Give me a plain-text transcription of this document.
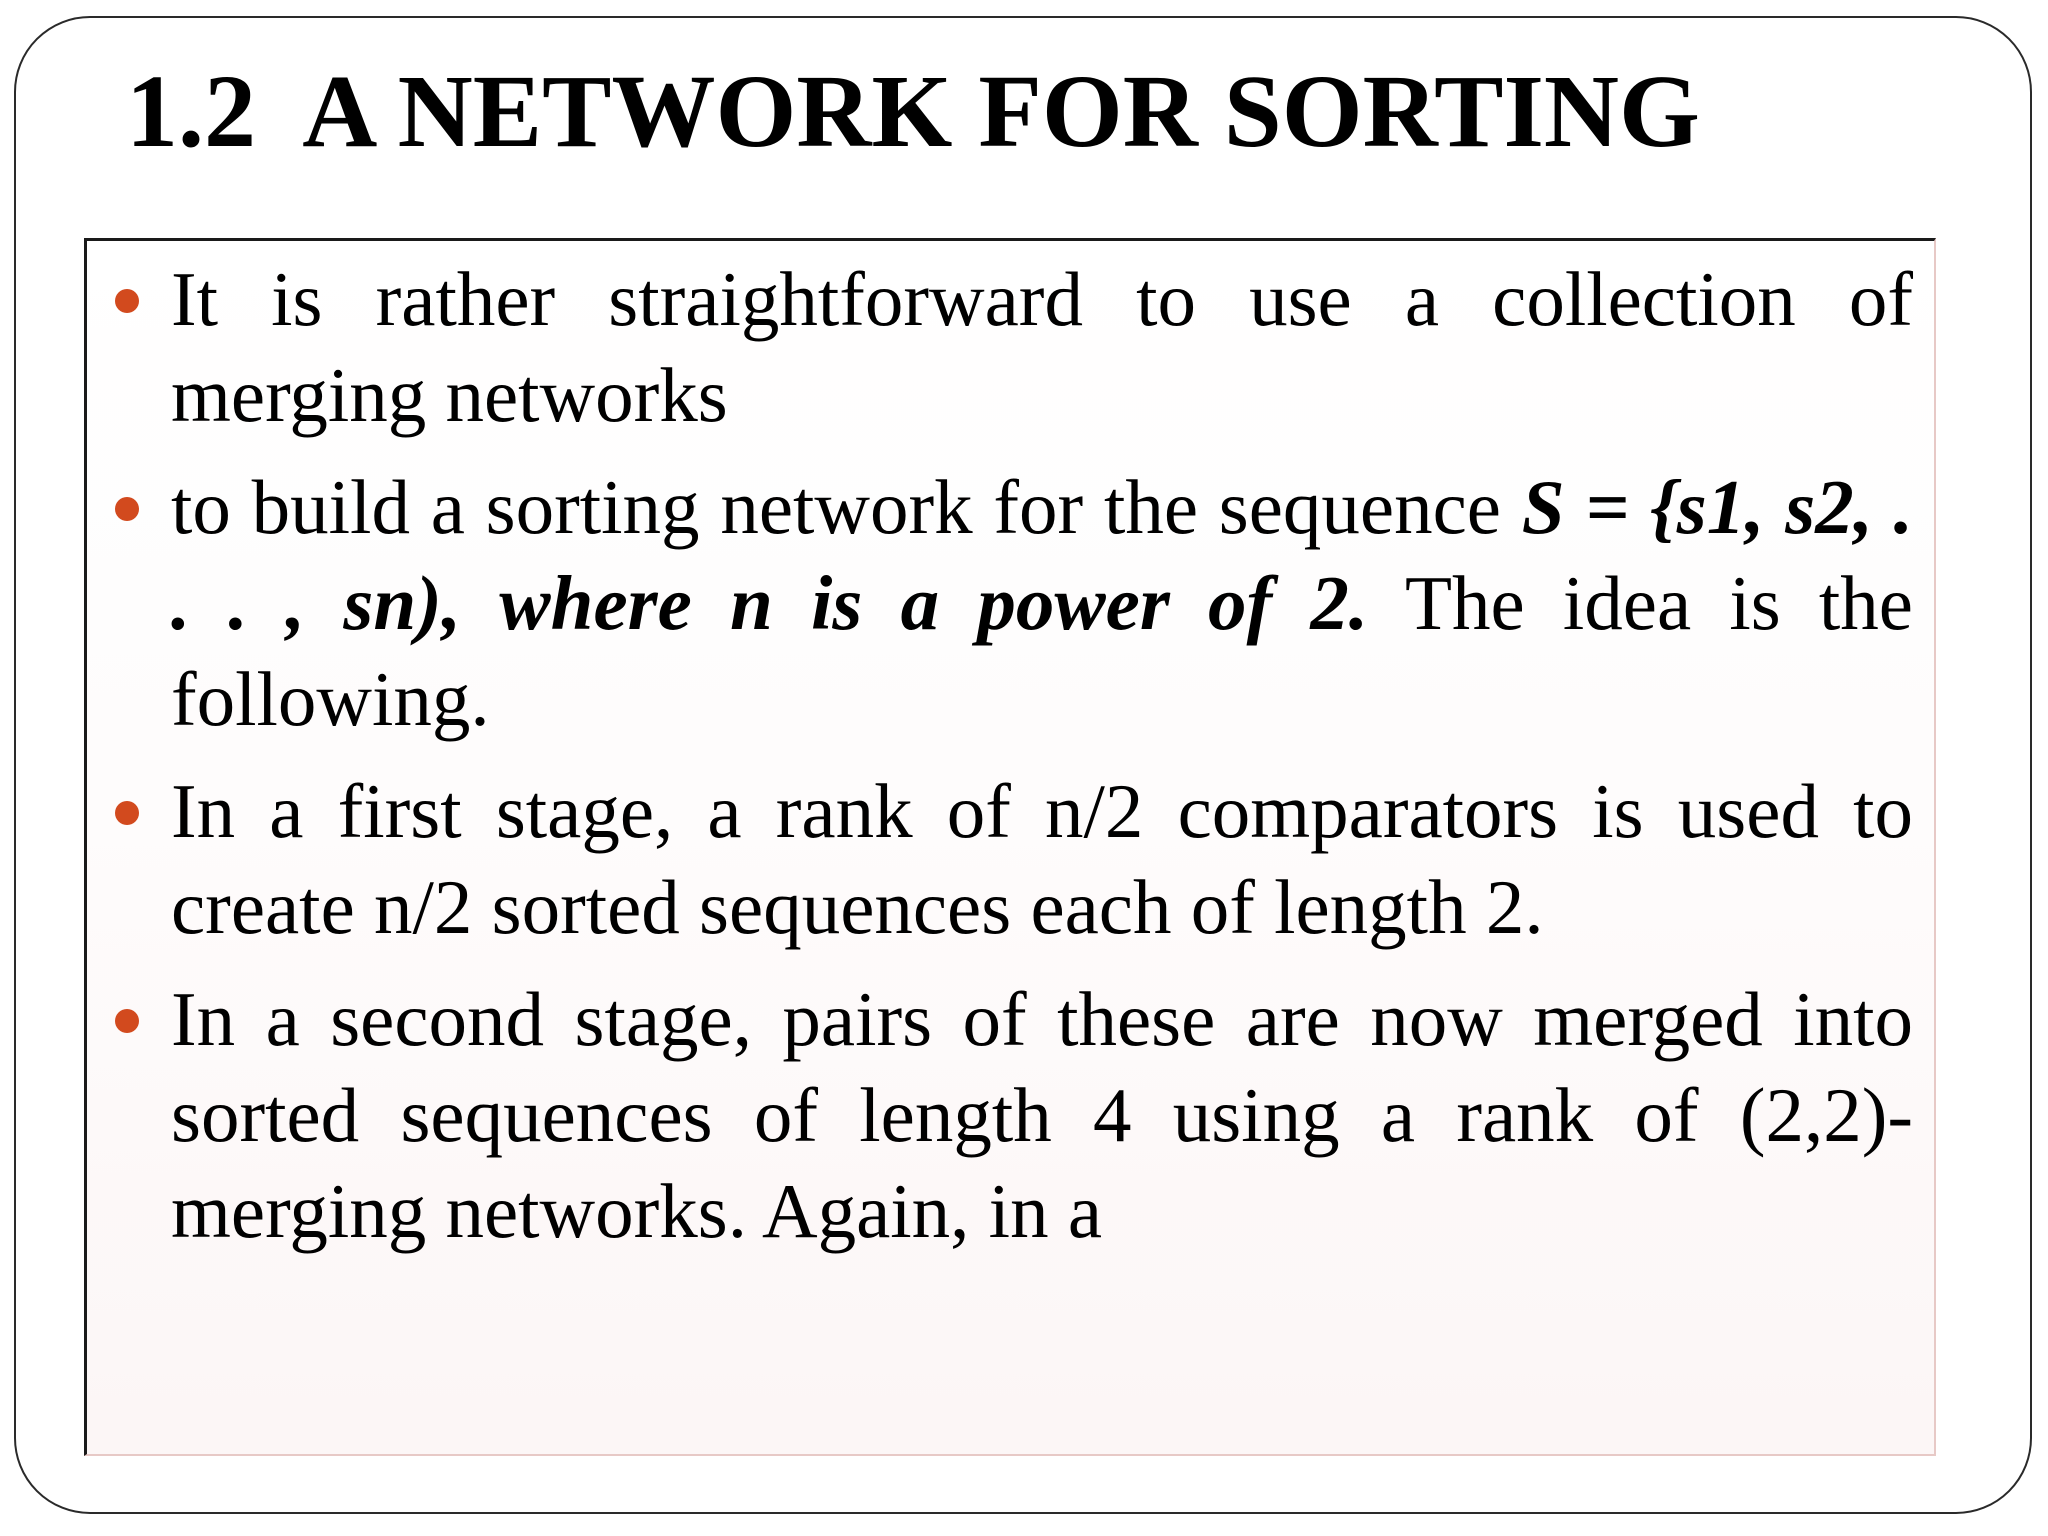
1.2  A NETWORK FOR SORTING
It is rather straightforward to use a collection of merging networks
to build a sorting network for the sequence S = {s1, s2, . . . , sn), where n is a power of 2. The idea is the following.
In a first stage, a rank of n/2 comparators is used to create n/2 sorted sequences each of length 2.
In a second stage, pairs of these are now merged into sorted sequences of length 4 using a rank of (2,2)-merging networks. Again, in a
